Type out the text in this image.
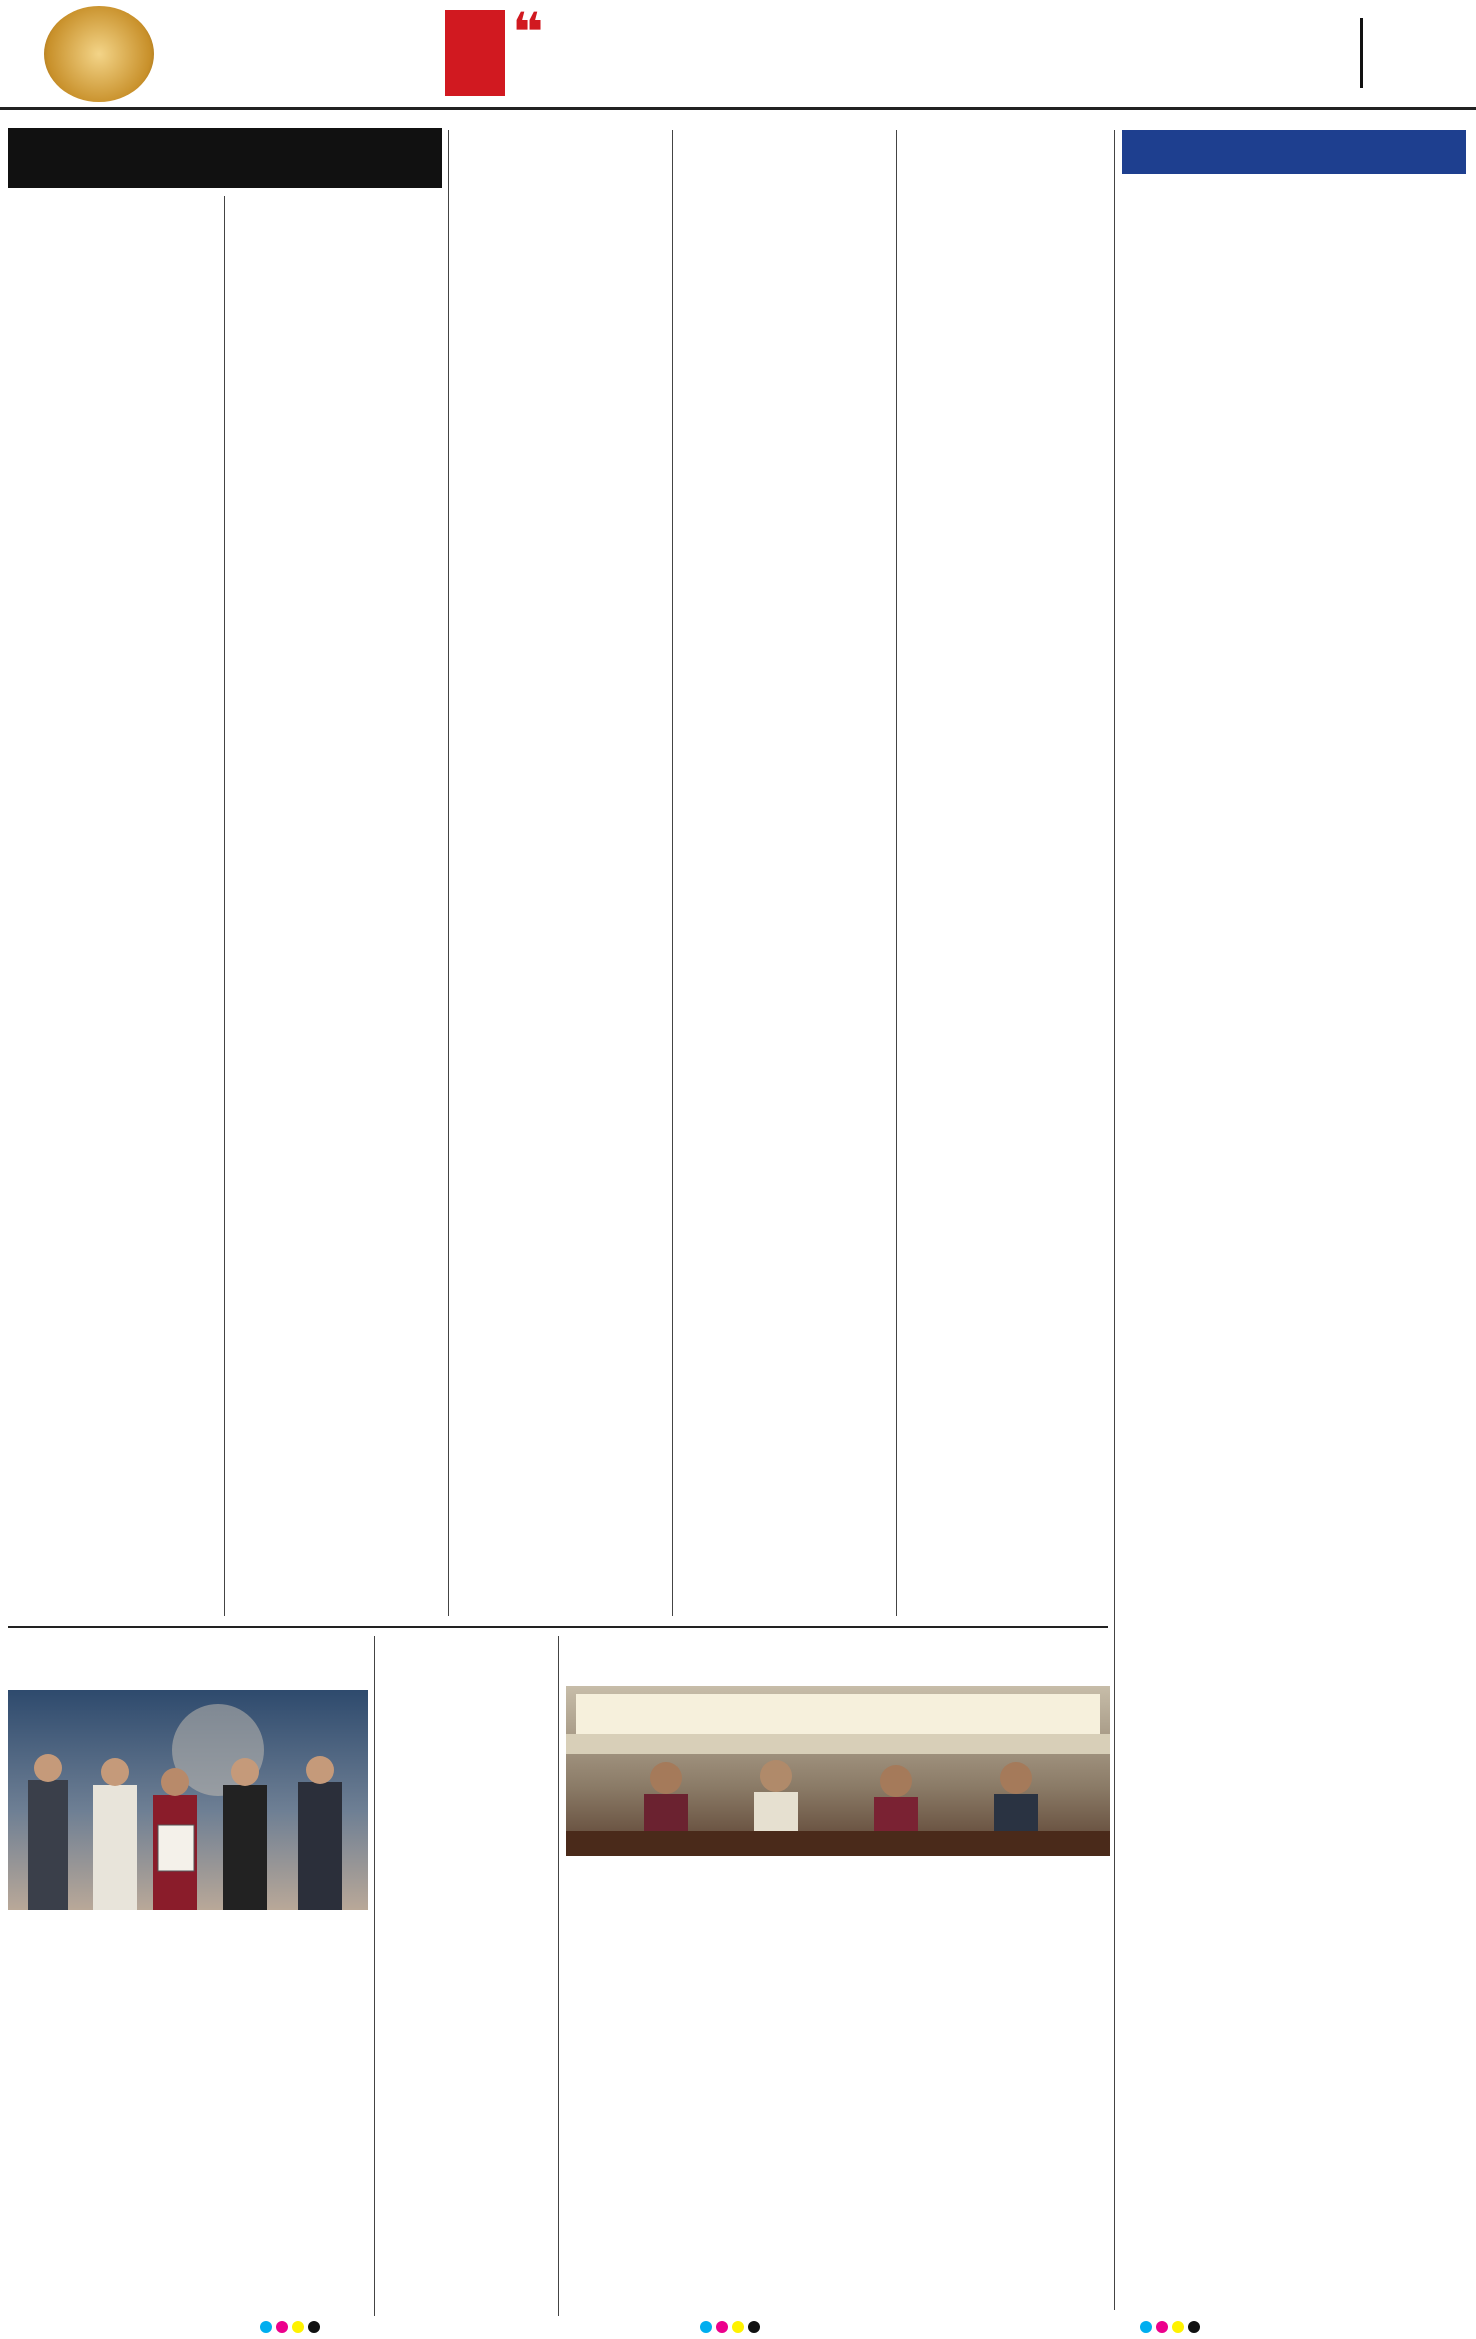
❝
